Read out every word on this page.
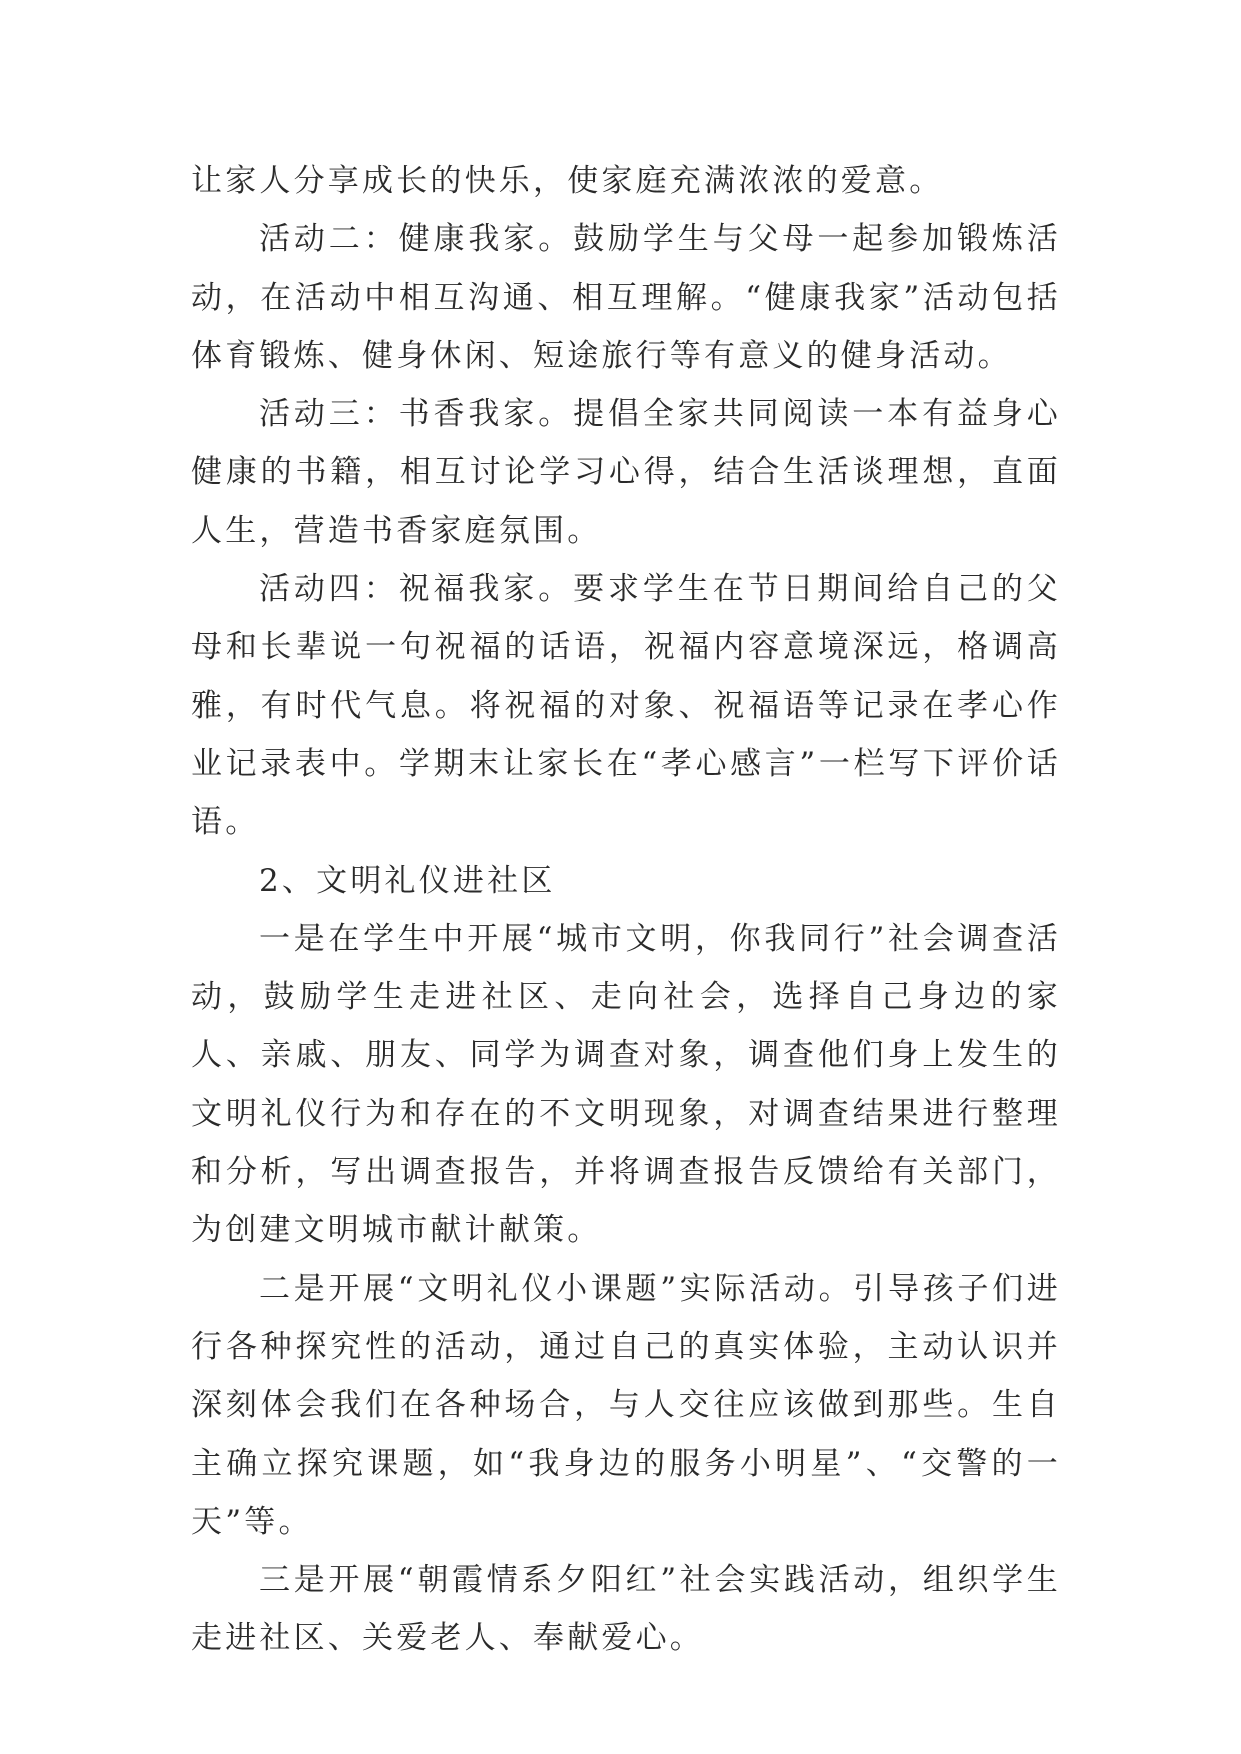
让家人分享成长的快乐，使家庭充满浓浓的爱意。

活动二：健康我家。鼓励学生与父母一起参加锻炼活动，在活动中相互沟通、相互理解。“健康我家”活动包括体育锻炼、健身休闲、短途旅行等有意义的健身活动。

活动三：书香我家。提倡全家共同阅读一本有益身心健康的书籍，相互讨论学习心得，结合生活谈理想，直面人生，营造书香家庭氛围。

活动四：祝福我家。要求学生在节日期间给自己的父母和长辈说一句祝福的话语，祝福内容意境深远，格调高雅，有时代气息。将祝福的对象、祝福语等记录在孝心作业记录表中。学期末让家长在“孝心感言”一栏写下评价话语。

2、文明礼仪进社区

一是在学生中开展“城市文明，你我同行”社会调查活动，鼓励学生走进社区、走向社会，选择自己身边的家人、亲戚、朋友、同学为调查对象，调查他们身上发生的文明礼仪行为和存在的不文明现象，对调查结果进行整理和分析，写出调查报告，并将调查报告反馈给有关部门，为创建文明城市献计献策。

二是开展“文明礼仪小课题”实际活动。引导孩子们进行各种探究性的活动，通过自己的真实体验，主动认识并深刻体会我们在各种场合，与人交往应该做到那些。生自主确立探究课题，如“我身边的服务小明星”、“交警的一天”等。

三是开展“朝霞情系夕阳红”社会实践活动，组织学生走进社区、关爱老人、奉献爱心。
